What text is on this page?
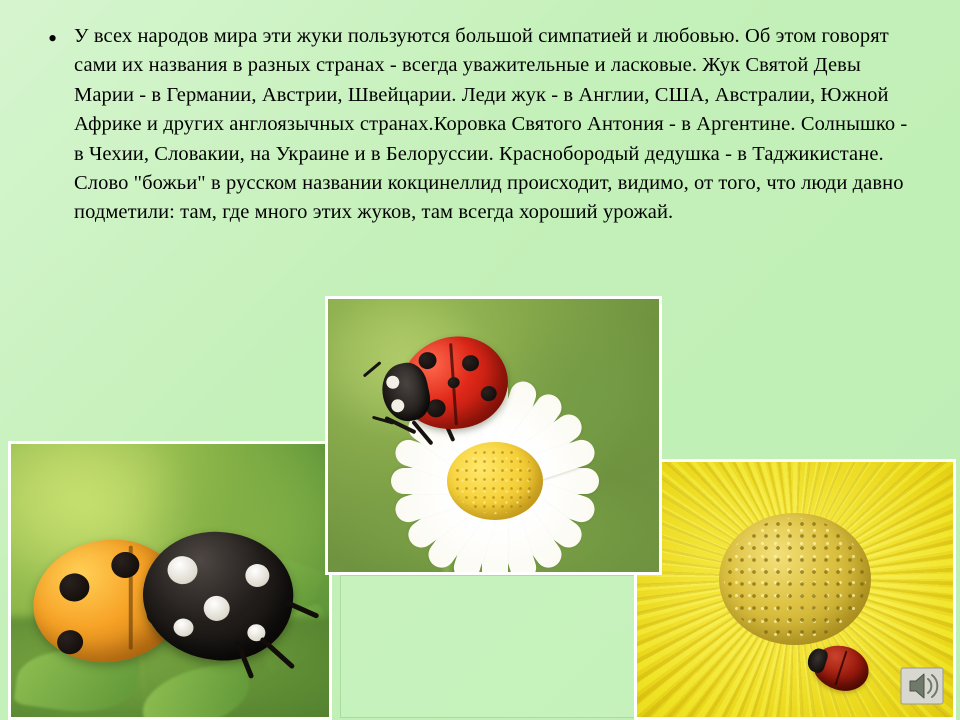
• У всех народов мира эти жуки пользуются большой симпатией и любовью. Об этом говорят сами их названия в разных странах - всегда уважительные и ласковые. Жук Святой Девы Марии - в Германии, Австрии, Швейцарии. Леди жук - в Англии, США, Австралии, Южной Африке и других англоязычных странах.Коровка Святого Антония - в Аргентине. Солнышко - в Чехии, Словакии, на Украине и в Белоруссии. Краснобородый дедушка - в Таджикистане. Слово "божьи" в русском названии кокцинеллид происходит, видимо, от того, что люди давно подметили: там, где много этих жуков, там всегда хороший урожай.
